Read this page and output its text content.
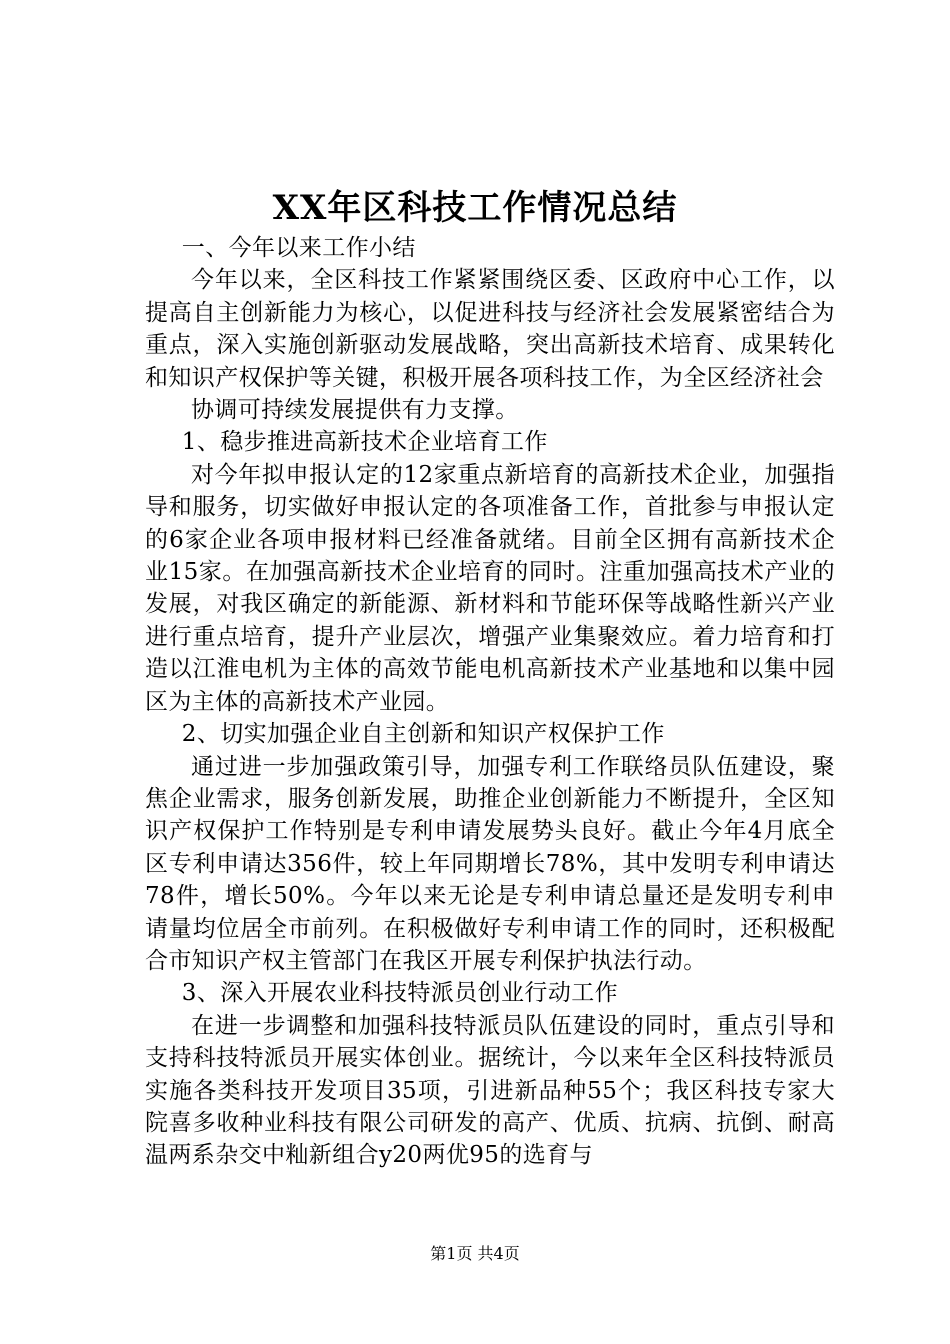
XX年区科技工作情况总结

一、今年以来工作小结

今年以来，全区科技工作紧紧围绕区委、区政府中心工作，以提高自主创新能力为核心，以促进科技与经济社会发展紧密结合为重点，深入实施创新驱动发展战略，突出高新技术培育、成果转化和知识产权保护等关键，积极开展各项科技工作，为全区经济社会

协调可持续发展提供有力支撑。

1、稳步推进高新技术企业培育工作

对今年拟申报认定的12家重点新培育的高新技术企业，加强指导和服务，切实做好申报认定的各项准备工作，首批参与申报认定的6家企业各项申报材料已经准备就绪。目前全区拥有高新技术企业15家。在加强高新技术企业培育的同时。注重加强高技术产业的发展，对我区确定的新能源、新材料和节能环保等战略性新兴产业进行重点培育，提升产业层次，增强产业集聚效应。着力培育和打造以江淮电机为主体的高效节能电机高新技术产业基地和以集中园区为主体的高新技术产业园。

2、切实加强企业自主创新和知识产权保护工作

通过进一步加强政策引导，加强专利工作联络员队伍建设，聚焦企业需求，服务创新发展，助推企业创新能力不断提升，全区知识产权保护工作特别是专利申请发展势头良好。截止今年4月底全区专利申请达356件，较上年同期增长78%，其中发明专利申请达78件，增长50%。今年以来无论是专利申请总量还是发明专利申请量均位居全市前列。在积极做好专利申请工作的同时，还积极配合市知识产权主管部门在我区开展专利保护执法行动。

3、深入开展农业科技特派员创业行动工作

在进一步调整和加强科技特派员队伍建设的同时，重点引导和支持科技特派员开展实体创业。据统计，今以来年全区科技特派员实施各类科技开发项目35项，引进新品种55个；我区科技专家大院喜多收种业科技有限公司研发的高产、优质、抗病、抗倒、耐高温两系杂交中籼新组合y20两优95的选育与

第1页 共4页
